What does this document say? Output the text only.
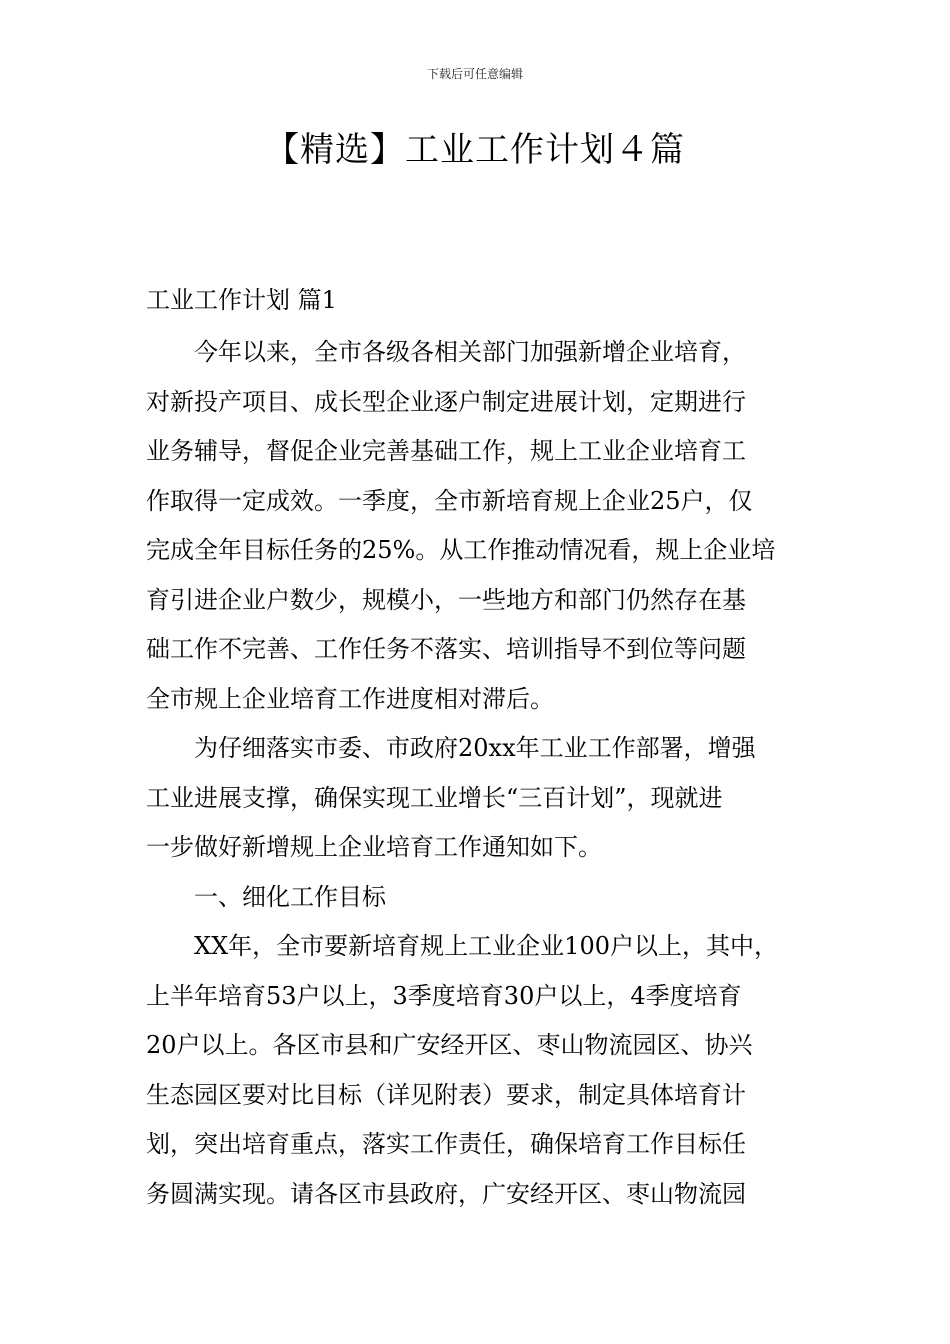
下载后可任意编辑
【精选】工业工作计划４篇
工业工作计划 篇1

今年以来，全市各级各相关部门加强新增企业培育，
对新投产项目、成长型企业逐户制定进展计划，定期进行
业务辅导，督促企业完善基础工作，规上工业企业培育工
作取得一定成效。一季度，全市新培育规上企业25户，仅
完成全年目标任务的25%。从工作推动情况看，规上企业培
育引进企业户数少，规模小，一些地方和部门仍然存在基
础工作不完善、工作任务不落实、培训指导不到位等问题
全市规上企业培育工作进度相对滞后。

为仔细落实市委、市政府20xx年工业工作部署，增强
工业进展支撑，确保实现工业增长“三百计划”，现就进
一步做好新增规上企业培育工作通知如下。

一、细化工作目标

XX年，全市要新培育规上工业企业100户以上，其中，
上半年培育53户以上，3季度培育30户以上，4季度培育
20户以上。各区市县和广安经开区、枣山物流园区、协兴
生态园区要对比目标（详见附表）要求，制定具体培育计
划，突出培育重点，落实工作责任，确保培育工作目标任
务圆满实现。请各区市县政府，广安经开区、枣山物流园
